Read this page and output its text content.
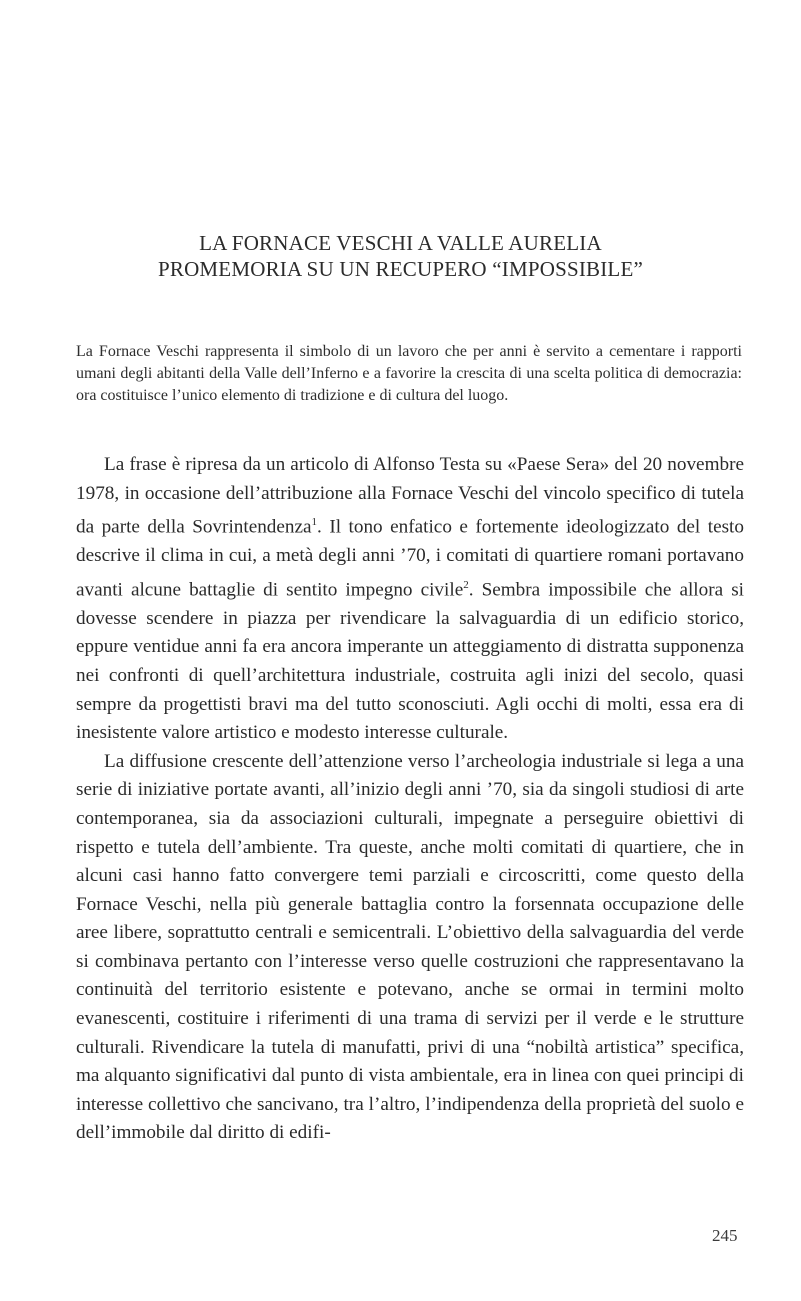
LA FORNACE VESCHI A VALLE AURELIA
PROMEMORIA SU UN RECUPERO “IMPOSSIBILE”
La Fornace Veschi rappresenta il simbolo di un lavoro che per anni è servito a cementare i rapporti umani degli abitanti della Valle dell’Inferno e a favorire la crescita di una scelta politica di democrazia: ora costituisce l’unico elemento di tradizione e di cultura del luogo.

La frase è ripresa da un articolo di Alfonso Testa su «Paese Sera» del 20 novembre 1978, in occasione dell’attribuzione alla Fornace Veschi del vincolo specifico di tutela da parte della Sovrintendenza$^1$. Il tono enfatico e fortemente ideologizzato del testo descrive il clima in cui, a metà degli anni ’70, i comitati di quartiere romani portavano avanti alcune battaglie di sentito impegno civile$^2$. Sembra impossibile che allora si dovesse scendere in piazza per rivendicare la salvaguardia di un edificio storico, eppure ventidue anni fa era ancora imperante un atteggiamento di distratta supponenza nei confronti di quell’architettura industriale, costruita agli inizi del secolo, quasi sempre da progettisti bravi ma del tutto sconosciuti. Agli occhi di molti, essa era di inesistente valore artistico e modesto interesse culturale.

La diffusione crescente dell’attenzione verso l’archeologia industriale si lega a una serie di iniziative portate avanti, all’inizio degli anni ’70, sia da singoli studiosi di arte contemporanea, sia da associazioni culturali, impegnate a perseguire obiettivi di rispetto e tutela dell’ambiente. Tra queste, anche molti comitati di quartiere, che in alcuni casi hanno fatto convergere temi parziali e circoscritti, come questo della Fornace Veschi, nella più generale battaglia contro la forsennata occupazione delle aree libere, soprattutto centrali e semicentrali. L’obiettivo della salvaguardia del verde si combinava pertanto con l’interesse verso quelle costruzioni che rappresentavano la continuità del territorio esistente e potevano, anche se ormai in termini molto evanescenti, costituire i riferimenti di una trama di servizi per il verde e le strutture culturali. Rivendicare la tutela di manufatti, privi di una “nobiltà artistica” specifica, ma alquanto significativi dal punto di vista ambientale, era in linea con quei principi di interesse collettivo che sancivano, tra l’altro, l’indipendenza della proprietà del suolo e dell’immobile dal diritto di edifi-

245
